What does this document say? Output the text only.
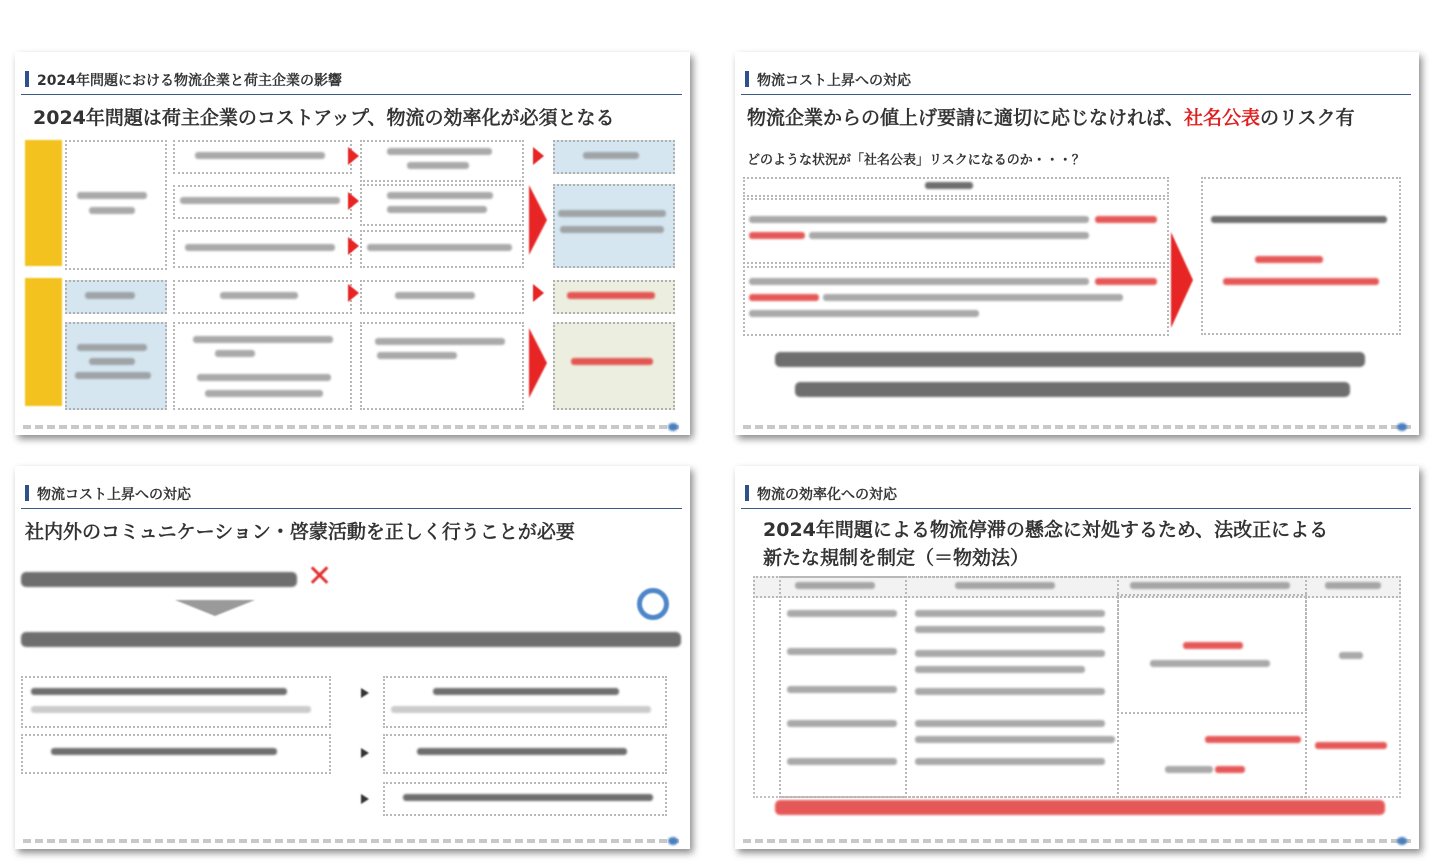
2024年問題における物流企業と荷主企業の影響
2024年問題は荷主企業のコストアップ、物流の効率化が必須となる
物流コスト上昇への対応
物流企業からの値上げ要請に適切に応じなければ、社名公表のリスク有
どのような状況が「社名公表」リスクになるのか・・・？
物流コスト上昇への対応
社内外のコミュニケーション・啓蒙活動を正しく行うことが必要
✕
物流の効率化への対応
2024年問題による物流停滞の懸念に対処するため、法改正による
新たな規制を制定（＝物効法）
